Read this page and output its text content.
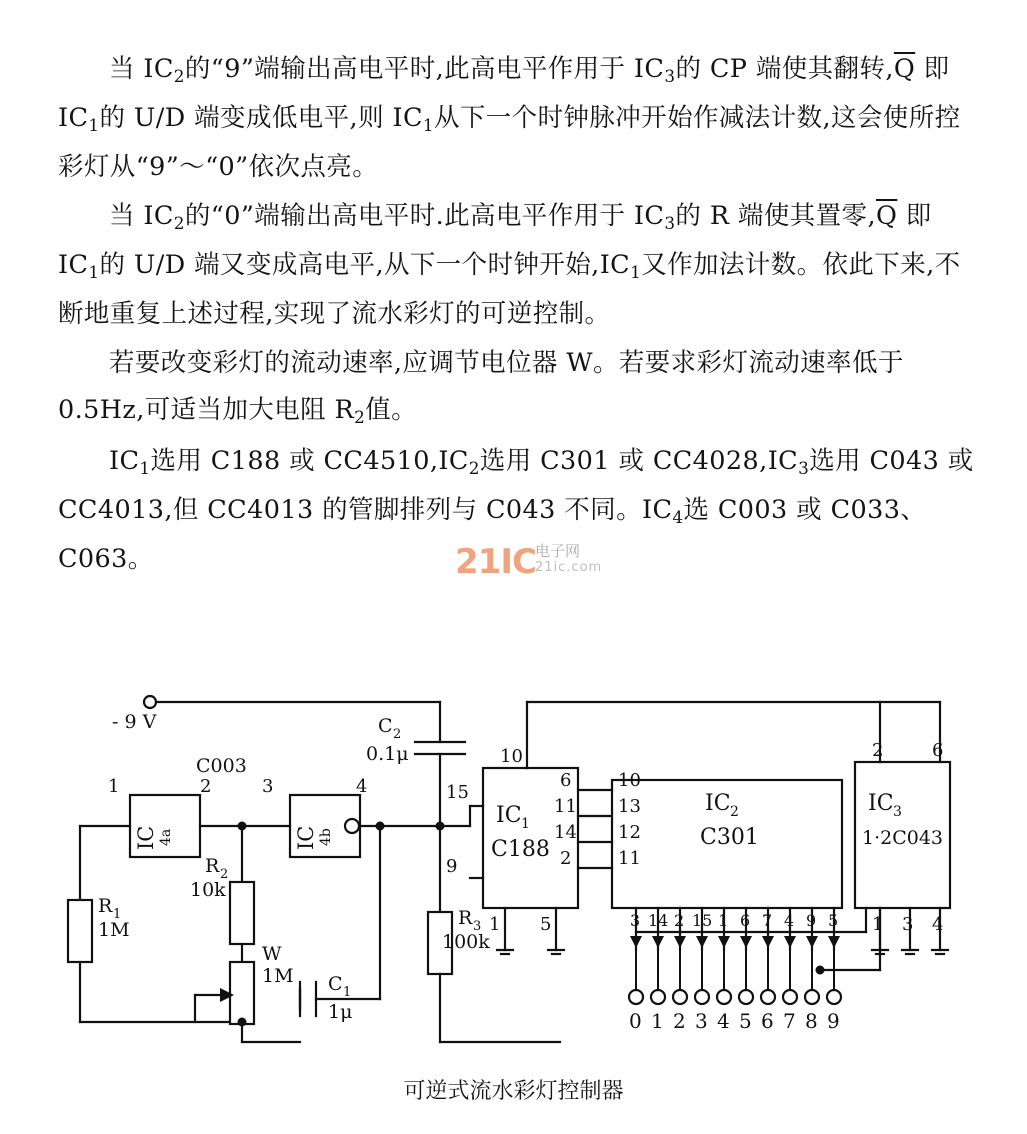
当 $IC_2$的“9”端输出高电平时,此高电平作用于 $IC_3$的 CP 端使其翻转$,\overline{Q}$ 即 $IC_1$的 U/D 端变成低电平,则 $IC_1$从下一个时钟脉冲开始作减法计数,这会使所控彩灯从“9”～“0”依次点亮。

当 $IC_2$的“0”端输出高电平时.此高电平作用于 $IC_3$的 R 端使其置零$,\overline{Q}$ 即 $IC_1$的 U/D 端又变成高电平,从下一个时钟开始$,IC_1$又作加法计数。依此下来,不断地重复上述过程,实现了流水彩灯的可逆控制。

若要改变彩灯的流动速率,应调节电位器 W。若要求彩灯流动速率低于 0.5Hz,可适当加大电阻 $R_2$值。

$IC_1$选用 C188 或 $CC4510,IC_2$选用 C301 或 $CC4028,IC_3$选用 C043 或 CC4013,但 CC4013 的管脚排列与 C043 不同。$IC_4$选 C003 或 C033、C063。	21IC 电子网
21ic.com
- 9 V
C003
C 2
0.1μ
1	2	3	4
IC 4a	IC 4b
R 1
1M
R 2
10k
W
1M C 1
1μ
R 3
100k
10
15
9
6
11
14
2
1 5
IC 1
C188
10
13
12
11
IC 2
C301
3 14 2 15 1 6 7 4 9 5
2	6
IC 3
1·2C043
1 3 4
0 1 2 3 4 5 6 7 8 9
可逆式流水彩灯控制器
